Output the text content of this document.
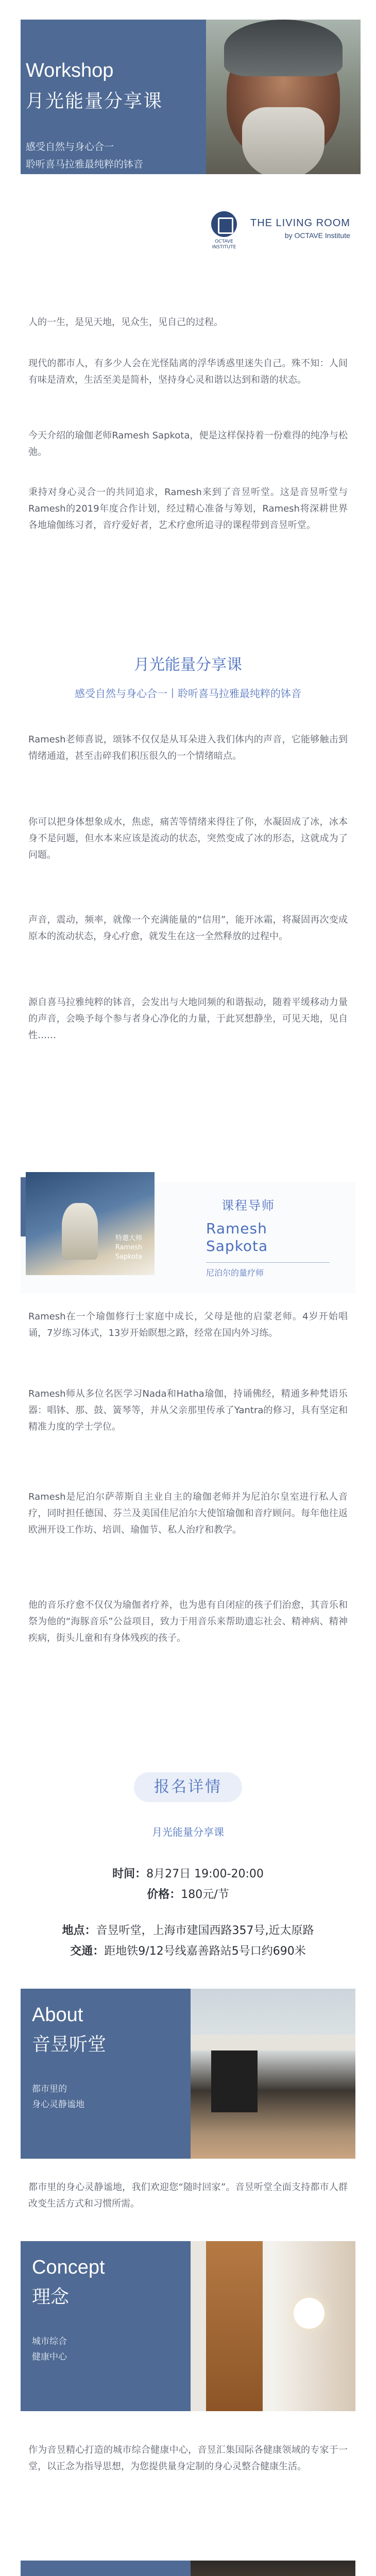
Workshop
月光能量分享课
感受自然与身心合一
聆听喜马拉雅最纯粹的钵音
OCTAVE INSTITUTE
THE LIVING ROOM
by OCTAVE Institute

人的一生，是见天地，见众生，见自己的过程。

现代的都市人，有多少人会在光怪陆离的浮华诱惑里迷失自己。殊不知：人间有味是清欢，生活至美是简朴，坚持身心灵和谐以达到和谐的状态。

今天介绍的瑜伽老师Ramesh Sapkota，便是这样保持着一份难得的纯净与松弛。

秉持对身心灵合一的共同追求，Ramesh来到了音昱听堂。这是音昱听堂与Ramesh的2019年度合作计划，经过精心准备与筹划，Ramesh将深耕世界各地瑜伽练习者，音疗爱好者，艺术疗愈所追寻的课程带到音昱听堂。

月光能量分享课
感受自然与身心合一丨聆听喜马拉雅最纯粹的钵音

Ramesh老师喜说，颂钵不仅仅是从耳朵进入我们体内的声音，它能够触击到情绪通道，甚至击碎我们积压很久的一个情绪暗点。

你可以把身体想象成水，焦虑，痛苦等情绪来得往了你，水凝固成了冰，冰本身不是问题，但水本来应该是流动的状态，突然变成了冰的形态，这就成为了问题。

声音，震动，频率，就像一个充满能量的“信用”，能开冰霜，将凝固再次变成原本的流动状态，身心疗愈，就发生在这一全然释放的过程中。

源自喜马拉雅纯粹的钵音，会发出与大地同频的和谐振动，随着平缓移动力量的声音，会唤予每个参与者身心净化的力量，于此冥想静坐，可见天地，见自性……

特邀大师
Ramesh Sapkota
课程导师
Ramesh Sapkota
尼泊尔的量疗师

Ramesh在一个瑜伽修行士家庭中成长，父母是他的启蒙老师。4岁开始唱诵，7岁练习体式，13岁开始瞑想之路，经常在国内外习练。

Ramesh师从多位名医学习Nada和Hatha瑜伽，持诵佛经，精通多种梵语乐器：唱钵、那、鼓、簧琴等，并从父亲那里传承了Yantra的修习，具有坚定和精准力度的学士学位。

Ramesh是尼泊尔萨蒂斯自主业自主的瑜伽老师并为尼泊尔皇室进行私人音疗，同时担任德国、芬兰及美国佳尼泊尔大使馆瑜伽和音疗顾问。每年他往返欧洲开设工作坊、培训、瑜伽节、私人治疗和教学。

他的音乐疗愈不仅仅为瑜伽者疗养，也为患有自闭症的孩子们治愈，其音乐和祭为他的“海豚音乐”公益项目，致力于用音乐来帮助遗忘社会、精神病、精神疾病，街头儿童和有身体残疾的孩子。

报名详情
月光能量分享课
时间：8月27日 19:00-20:00
价格：180元/节
地点：音昱听堂，上海市建国西路357号,近太原路
交通：距地铁9/12号线嘉善路站5号口约690米
About
音昱听堂
都市里的
身心灵静谧地

都市里的身心灵静谧地，我们欢迎您“随时回家”。音昱听堂全面支持都市人群改变生活方式和习惯所需。

Concept
理念
城市综合
健康中心

作为音昱精心打造的城市综合健康中心，音昱汇集国际各健康领域的专家于一堂，以正念为指导思想，为您提供量身定制的身心灵整合健康生活。
